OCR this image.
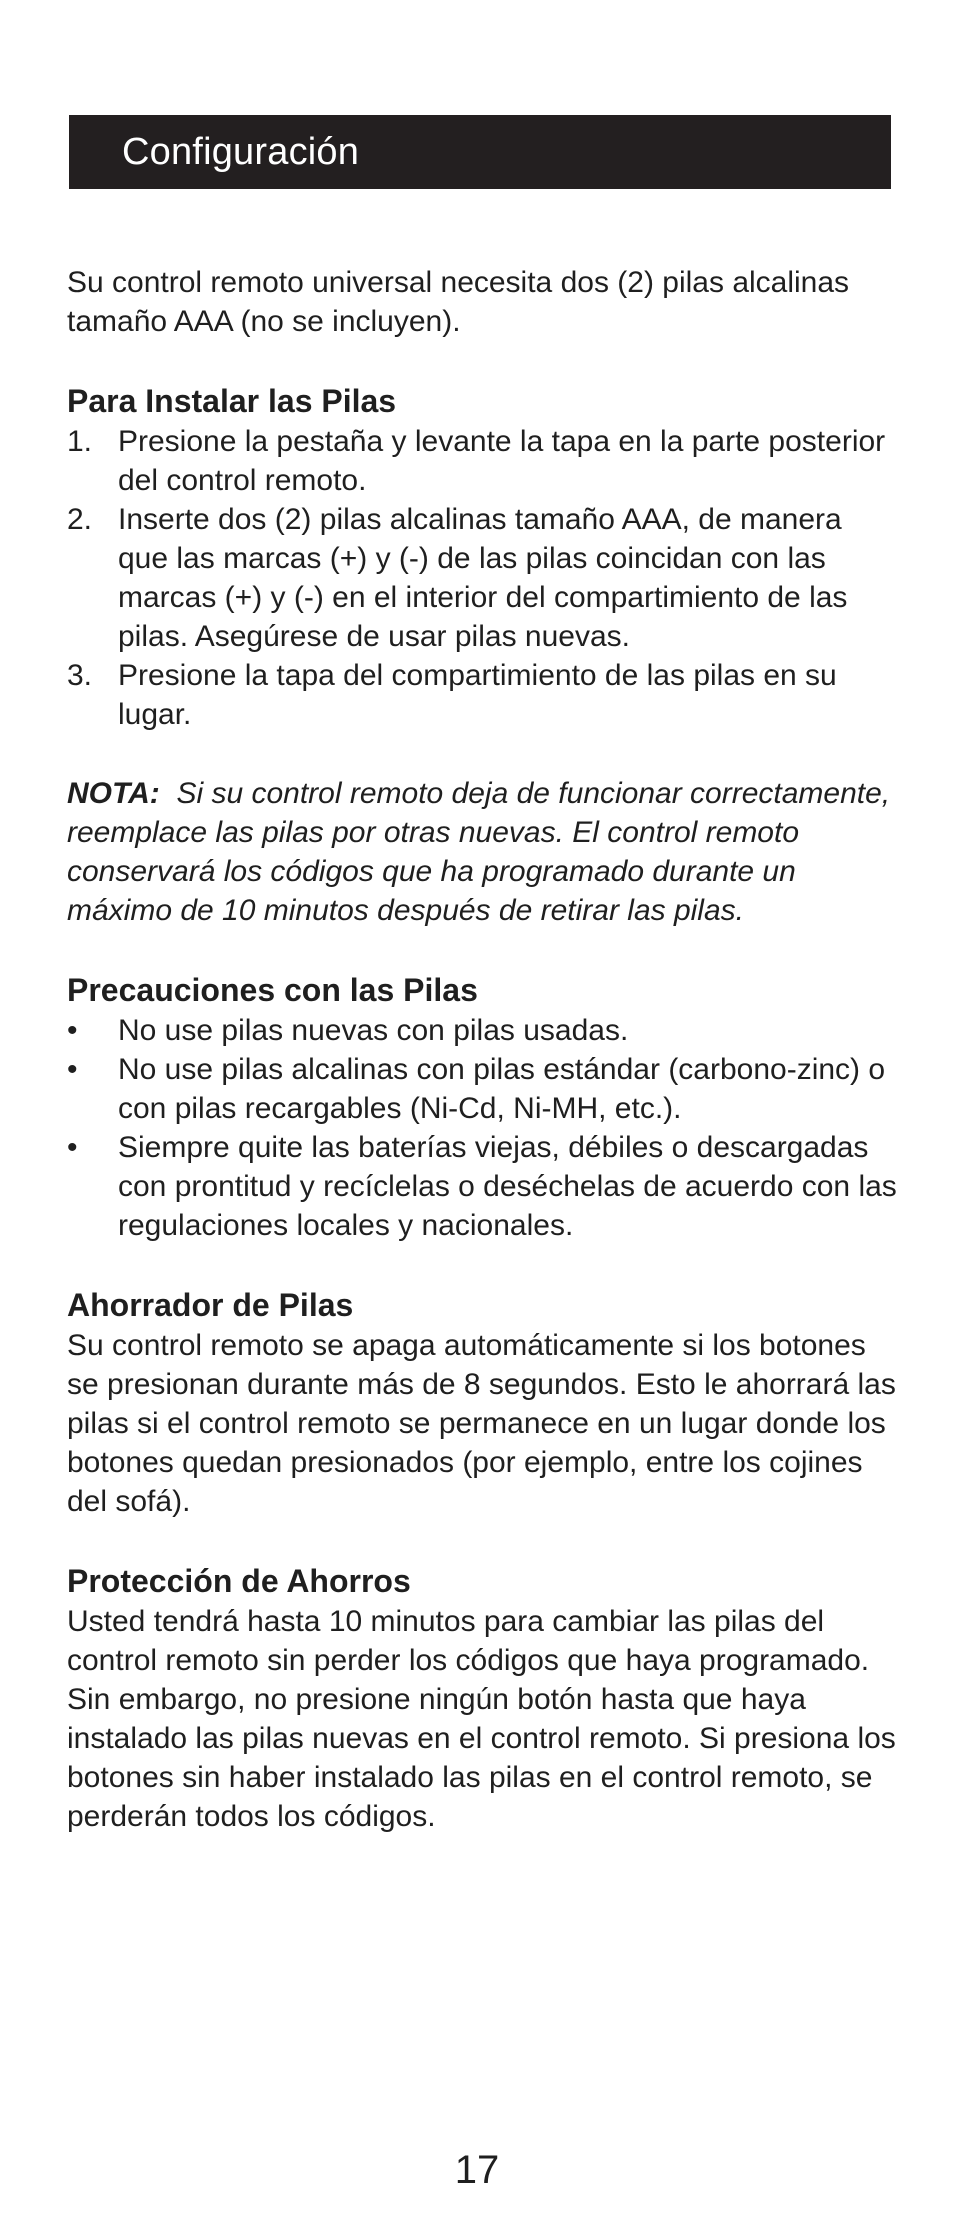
Configuración

Su control remoto universal necesita dos (2) pilas alcalinas tamaño AAA (no se incluyen).

Para Instalar las Pilas
1. Presione la pestaña y levante la tapa en la parte posterior del control remoto.
2. Inserte dos (2) pilas alcalinas tamaño AAA, de manera que las marcas (+) y (-) de las pilas coincidan con las marcas (+) y (-) en el interior del compartimiento de las pilas. Asegúrese de usar pilas nuevas.
3. Presione la tapa del compartimiento de las pilas en su lugar.

NOTA: Si su control remoto deja de funcionar correctamente, reemplace las pilas por otras nuevas. El control remoto conservará los códigos que ha programado durante un máximo de 10 minutos después de retirar las pilas.

Precauciones con las Pilas
•	No use pilas nuevas con pilas usadas.
•	No use pilas alcalinas con pilas estándar (carbono-zinc) o con pilas recargables (Ni-Cd, Ni-MH, etc.).
•	Siempre quite las baterías viejas, débiles o descargadas con prontitud y recíclelas o deséchelas de acuerdo con las regulaciones locales y nacionales.
Ahorrador de Pilas

Su control remoto se apaga automáticamente si los botones se presionan durante más de 8 segundos. Esto le ahorrará las pilas si el control remoto se permanece en un lugar donde los botones quedan presionados (por ejemplo, entre los cojines del sofá).

Protección de Ahorros

Usted tendrá hasta 10 minutos para cambiar las pilas del control remoto sin perder los códigos que haya programado. Sin embargo, no presione ningún botón hasta que haya instalado las pilas nuevas en el control remoto. Si presiona los botones sin haber instalado las pilas en el control remoto, se perderán todos los códigos.

17
